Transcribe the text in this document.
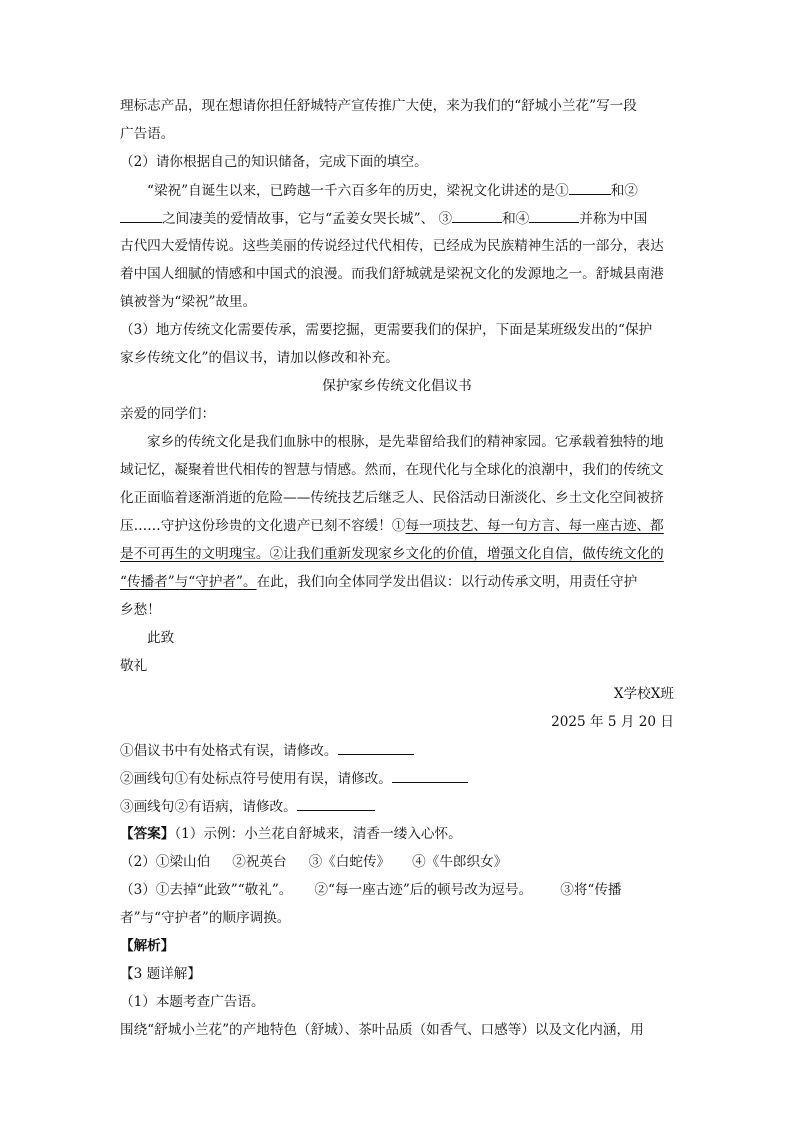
理标志产品，现在想请你担任舒城特产宣传推广大使，来为我们的“舒城小兰花”写一段
广告语。
（2）请你根据自己的知识储备，完成下面的填空。
“梁祝”自诞生以来，已跨越一千六百多年的历史，梁祝文化讲述的是①	和②
之间凄美的爱情故事，它与“孟姜女哭长城”、 ③	和④	并称为中国
古代四大爱情传说。这些美丽的传说经过代代相传，已经成为民族精神生活的一部分，表达
着中国人细腻的情感和中国式的浪漫。而我们舒城就是梁祝文化的发源地之一。舒城县南港
镇被誉为“梁祝”故里。
（3）地方传统文化需要传承，需要挖掘，更需要我们的保护，下面是某班级发出的“保护
家乡传统文化”的倡议书，请加以修改和补充。
保护家乡传统文化倡议书
亲爱的同学们：
家乡的传统文化是我们血脉中的根脉，是先辈留给我们的精神家园。它承载着独特的地
域记忆，凝聚着世代相传的智慧与情感。然而，在现代化与全球化的浪潮中，我们的传统文
化正面临着逐渐消逝的危险——传统技艺后继乏人、民俗活动日渐淡化、乡土文化空间被挤
压……守护这份珍贵的文化遗产已刻不容缓！①每一项技艺、每一句方言、每一座古迹、都
是不可再生的文明瑰宝。②让我们重新发现家乡文化的价值，增强文化自信，做传统文化的
“传播者”与“守护者”。在此，我们向全体同学发出倡议：以行动传承文明，用责任守护
乡愁！
此致
敬礼
X学校X班
2025 年 5 月 20 日
①倡议书中有处格式有误，请修改。
②画线句①有处标点符号使用有误，请修改。
③画线句②有语病，请修改。
【答案】（1）示例：小兰花自舒城来，清香一缕入心怀。
（2）①梁山伯 ②祝英台 ③《白蛇传》 ④《牛郎织女》
（3）①去掉“此致”“敬礼”。 ②“每一座古迹”后的顿号改为逗号。 ③将“传播
者”与“守护者”的顺序调换。
【解析】
【3 题详解】
（1）本题考查广告语。
围绕“舒城小兰花”的产地特色（舒城）、茶叶品质（如香气、口感等）以及文化内涵，用
